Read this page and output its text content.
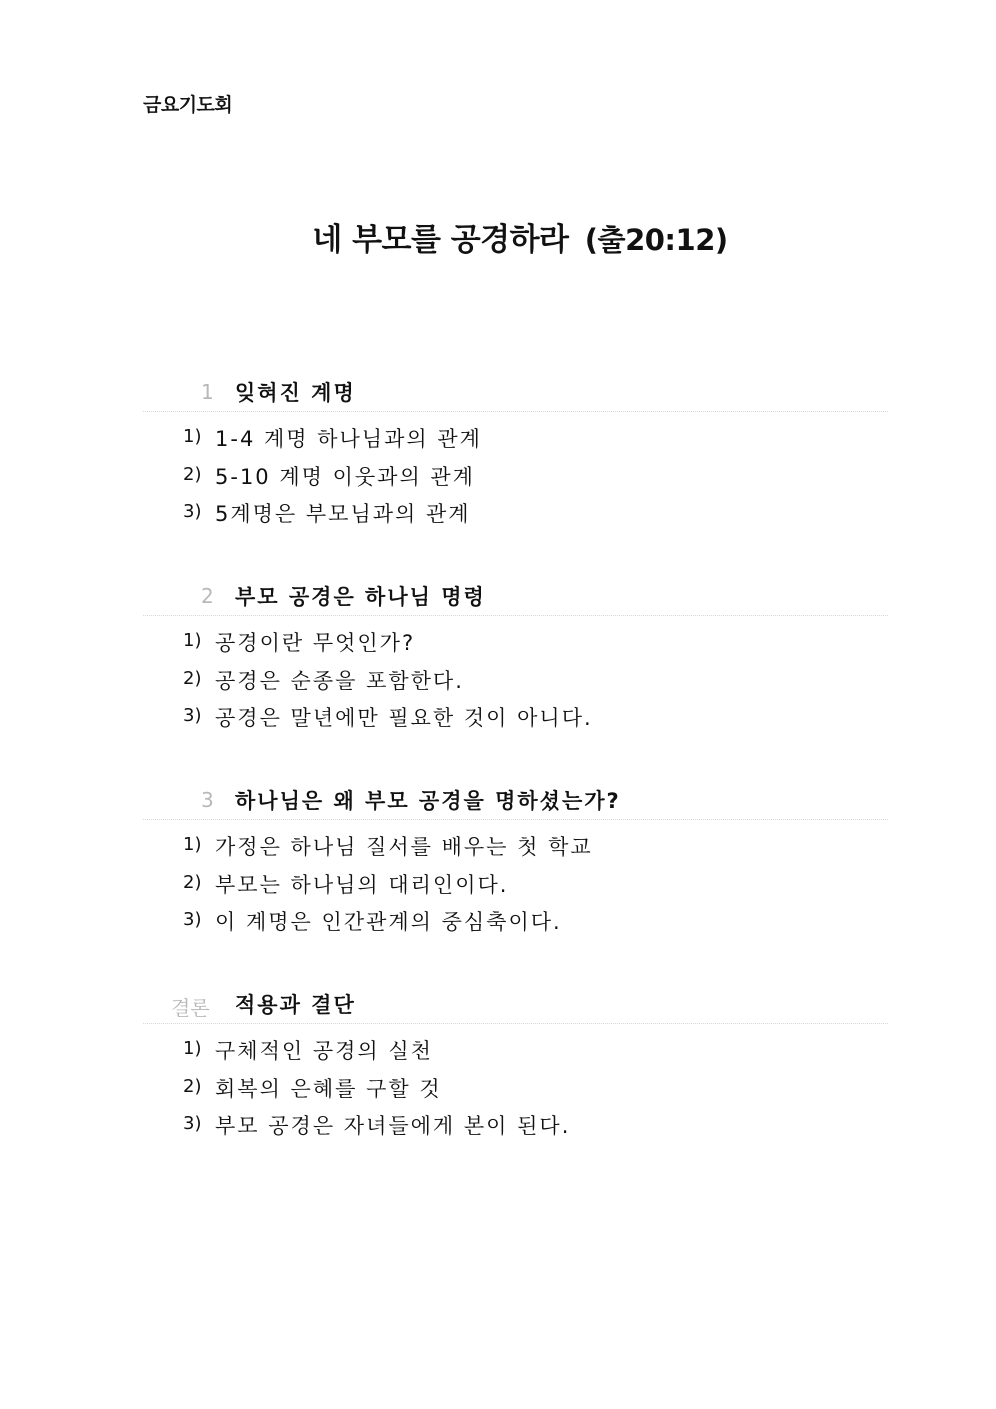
금요기도회
네 부모를 공경하라 (출20:12)
1 잊혀진 계명
1) 1-4 계명 하나님과의 관계
2) 5-10 계명 이웃과의 관계
3) 5계명은 부모님과의 관계
2 부모 공경은 하나님 명령
1) 공경이란 무엇인가?
2) 공경은 순종을 포함한다.
3) 공경은 말년에만 필요한 것이 아니다.
3 하나님은 왜 부모 공경을 명하셨는가?
1) 가정은 하나님 질서를 배우는 첫 학교
2) 부모는 하나님의 대리인이다.
3) 이 계명은 인간관계의 중심축이다.
결론 적용과 결단
1) 구체적인 공경의 실천
2) 회복의 은혜를 구할 것
3) 부모 공경은 자녀들에게 본이 된다.
